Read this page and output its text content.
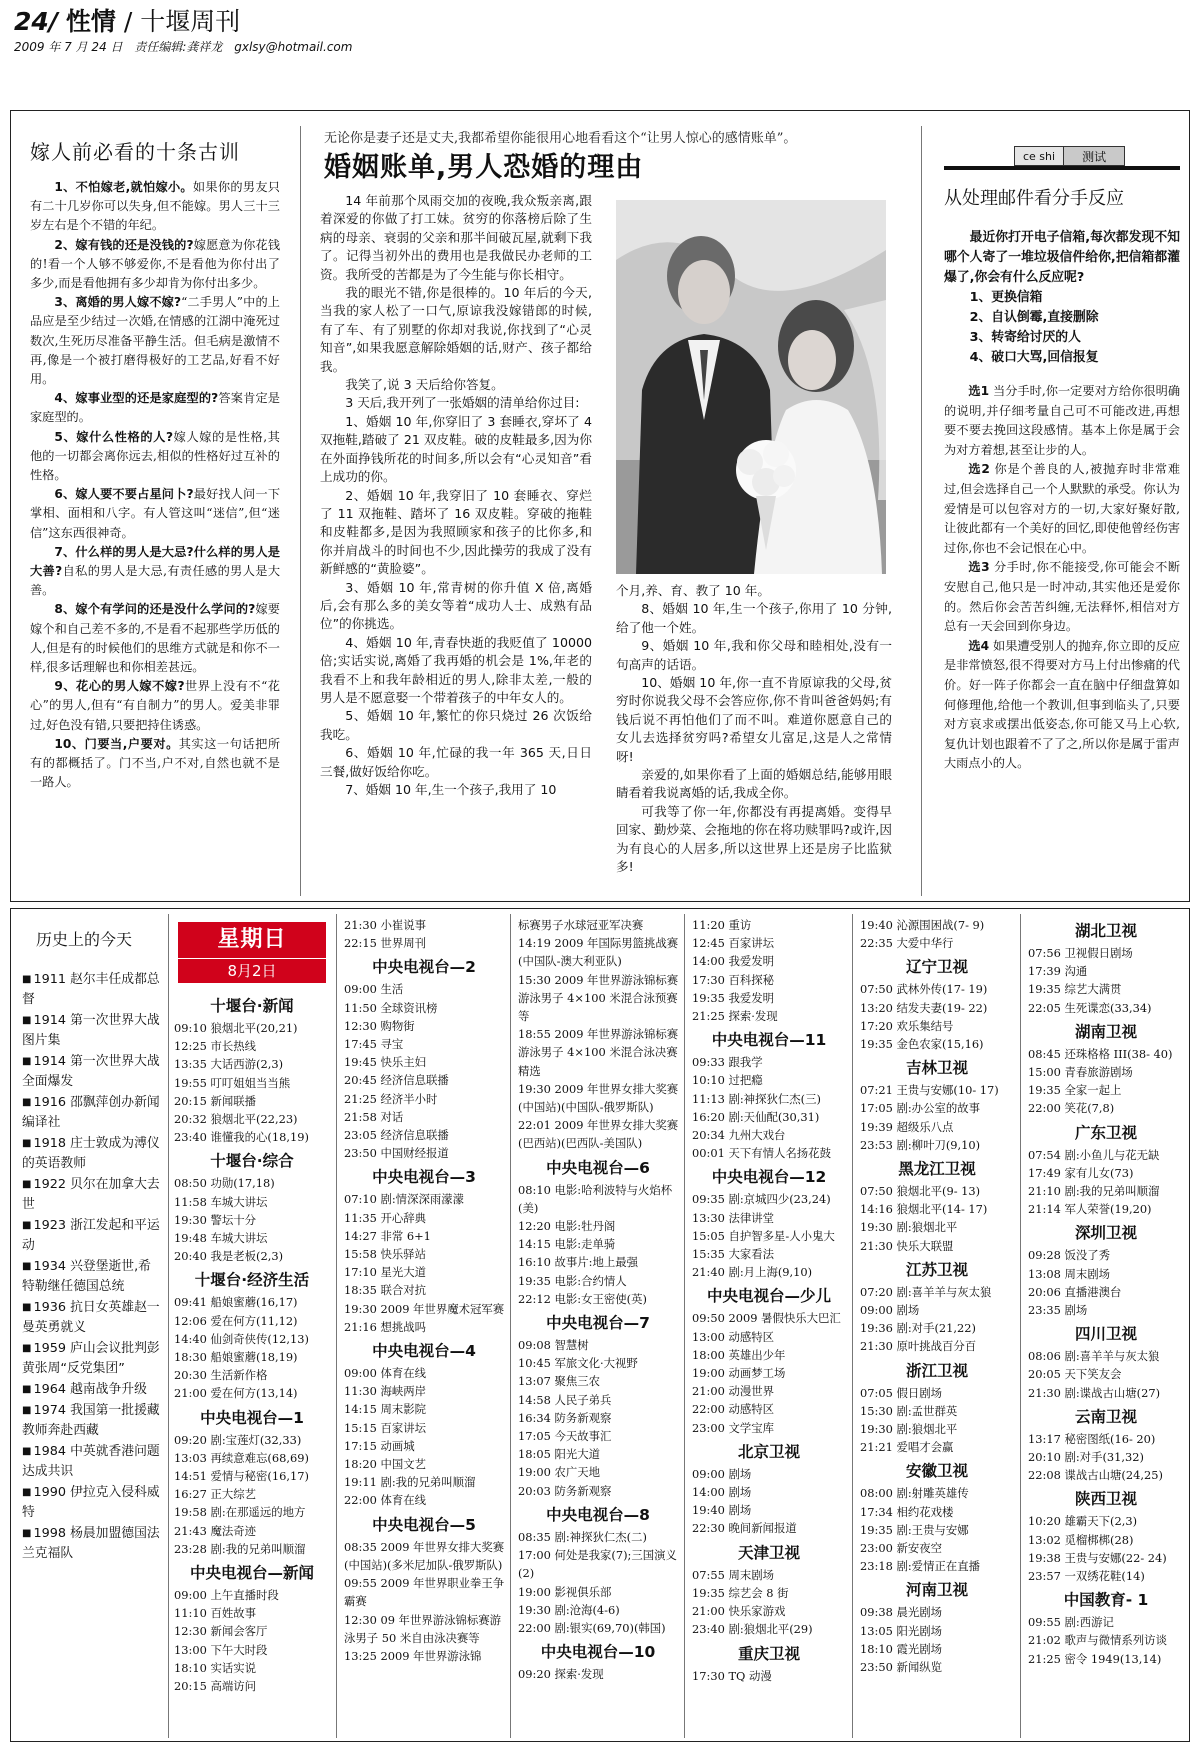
24/ 性情 / 十堰周刊
2009 年 7 月 24 日 责任编辑:龚祥龙 gxlsy@hotmail.com
嫁人前必看的十条古训
1、不怕嫁老,就怕嫁小。如果你的男友只有二十几岁你可以失身,但不能嫁。男人三十三岁左右是个不错的年纪。
2、嫁有钱的还是没钱的?嫁愿意为你花钱的!看一个人够不够爱你,不是看他为你付出了多少,而是看他拥有多少却肯为你付出多少。
3、离婚的男人嫁不嫁?“二手男人”中的上品应是至少结过一次婚,在情感的江湖中淹死过数次,生死历尽准备平静生活。但毛病是激情不再,像是一个被打磨得极好的工艺品,好看不好用。
4、嫁事业型的还是家庭型的?答案肯定是家庭型的。
5、嫁什么性格的人?嫁人嫁的是性格,其他的一切都会离你远去,相似的性格好过互补的性格。
6、嫁人要不要占星问卜?最好找人问一下掌相、面相和八字。有人管这叫“迷信”,但“迷信”这东西很神奇。
7、什么样的男人是大忌?什么样的男人是大善?自私的男人是大忌,有责任感的男人是大善。
8、嫁个有学问的还是没什么学问的?嫁要嫁个和自己差不多的,不是看不起那些学历低的人,但是有的时候他们的思维方式就是和你不一样,很多话理解也和你相差甚远。
9、花心的男人嫁不嫁?世界上没有不“花心”的男人,但有“有自制力”的男人。爱美非罪过,好色没有错,只要把持住诱惑。
10、门要当,户要对。其实这一句话把所有的都概括了。门不当,户不对,自然也就不是一路人。
无论你是妻子还是丈夫,我都希望你能很用心地看看这个“让男人惊心的感情账单”。
婚姻账单,男人恐婚的理由
14 年前那个凤雨交加的夜晚,我众叛亲离,跟着深爱的你做了打工妹。贫穷的你落榜后除了生病的母亲、衰弱的父亲和那半间破瓦屋,就剩下我了。记得当初外出的费用也是我做民办老师的工资。我所受的苦都是为了今生能与你长相守。
我的眼光不错,你是很棒的。10 年后的今天,当我的家人松了一口气,原谅我没嫁错郎的时候,有了车、有了别墅的你却对我说,你找到了“心灵知音”,如果我愿意解除婚姻的话,财产、孩子都给我。
我笑了,说 3 天后给你答复。
3 天后,我开列了一张婚姻的清单给你过目:
1、婚姻 10 年,你穿旧了 3 套睡衣,穿坏了 4 双拖鞋,踏破了 21 双皮鞋。破的皮鞋最多,因为你在外面挣钱所花的时间多,所以会有“心灵知音”看上成功的你。
2、婚姻 10 年,我穿旧了 10 套睡衣、穿烂了 11 双拖鞋、踏坏了 16 双皮鞋。穿破的拖鞋和皮鞋都多,是因为我照顾家和孩子的比你多,和你并肩战斗的时间也不少,因此操劳的我成了没有新鲜感的“黄脸婆”。
3、婚姻 10 年,常青树的你升值 X 倍,离婚后,会有那么多的美女等着“成功人士、成熟有品位”的你挑选。
4、婚姻 10 年,青春快逝的我贬值了 10000 倍;实话实说,离婚了我再婚的机会是 1%,年老的我看不上和我年龄相近的男人,除非太差,一般的男人是不愿意娶一个带着孩子的中年女人的。
5、婚姻 10 年,繁忙的你只烧过 26 次饭给我吃。
6、婚姻 10 年,忙碌的我一年 365 天,日日三餐,做好饭给你吃。
7、婚姻 10 年,生一个孩子,我用了 10
个月,养、育、教了 10 年。
8、婚姻 10 年,生一个孩子,你用了 10 分钟,给了他一个姓。
9、婚姻 10 年,我和你父母和睦相处,没有一句高声的话语。
10、婚姻 10 年,你一直不肯原谅我的父母,贫穷时你说我父母不会答应你,你不肯叫爸爸妈妈;有钱后说不再怕他们了而不叫。难道你愿意自己的女儿去选择贫穷吗?希望女儿富足,这是人之常情呀!
亲爱的,如果你看了上面的婚姻总结,能够用眼睛看着我说离婚的话,我成全你。
可我等了你一年,你都没有再提离婚。变得早回家、勤炒菜、会拖地的你在将功赎罪吗?或许,因为有良心的人居多,所以这世界上还是房子比监狱多!
ce shi	测试
从处理邮件看分手反应
最近你打开电子信箱,每次都发现不知哪个人寄了一堆垃圾信件给你,把信箱都灌爆了,你会有什么反应呢?
1、更换信箱
2、自认倒霉,直接删除
3、转寄给讨厌的人
4、破口大骂,回信报复
选1 当分手时,你一定要对方给你很明确的说明,并仔细考量自己可不可能改进,再想要不要去挽回这段感情。基本上你是属于会为对方着想,甚至让步的人。
选2 你是个善良的人,被抛弃时非常难过,但会选择自己一个人默默的承受。你认为爱情是可以包容对方的一切,大家好聚好散,让彼此都有一个美好的回忆,即使他曾经伤害过你,你也不会记恨在心中。
选3 分手时,你不能接受,你可能会不断安慰自己,他只是一时冲动,其实他还是爱你的。然后你会苦苦纠缠,无法释怀,相信对方总有一天会回到你身边。
选4 如果遭受别人的抛弃,你立即的反应是非常愤怒,很不得要对方马上付出惨痛的代价。好一阵子你都会一直在脑中仔细盘算如何修理他,给他一个教训,但事到临头了,只要对方哀求或摆出低姿态,你可能又马上心软,复仇计划也跟着不了了之,所以你是属于雷声大雨点小的人。
历史上的今天
■ 1911 赵尔丰任成都总督
■ 1914 第一次世界大战图片集
■ 1914 第一次世界大战全面爆发
■ 1916 邵飘萍创办新闻编译社
■ 1918 庄士敦成为溥仪的英语教师
■ 1922 贝尔在加拿大去世
■ 1923 浙江发起和平运动
■ 1934 兴登堡逝世,希特勒继任德国总统
■ 1936 抗日女英雄赵一曼英勇就义
■ 1959 庐山会议批判彭黄张周“反党集团”
■ 1964 越南战争升级
■ 1974 我国第一批援藏教师奔赴西藏
■ 1984 中英就香港问题达成共识
■ 1990 伊拉克入侵科威特
■ 1998 杨晨加盟德国法兰克福队
星期日
8月2日
十堰台·新闻
09:10 狼烟北平(20,21)
12:25 市长热线
13:35 大话西游(2,3)
19:55 叮叮姐姐当当熊
20:15 新闻联播
20:32 狼烟北平(22,23)
23:40 谁懂我的心(18,19)
十堰台·综合
08:50 功勋(17,18)
11:58 车城大讲坛
19:30 警坛十分
19:48 车城大讲坛
20:40 我是老板(2,3)
十堰台·经济生活
09:41 船娘蜜蘑(16,17)
12:06 爱在何方(11,12)
14:40 仙剑奇侠传(12,13)
18:30 船娘蜜蘑(18,19)
20:30 生活新作格
21:00 爱在何方(13,14)
中央电视台—1
09:20 剧:宝莲灯(32,33)
13:03 再续意难忘(68,69)
14:51 爱情与秘密(16,17)
16:27 正大综艺
19:58 剧:在那遥远的地方
21:43 魔法奇迹
23:28 剧:我的兄弟叫顺溜
中央电视台—新闻
09:00 上午直播时段
11:10 百姓故事
12:30 新闻会客厅
13:00 下午大时段
18:10 实话实说
20:15 高端访问
21:30 小崔说事
22:15 世界周刊
中央电视台—2
09:00 生活
11:50 全球资讯榜
12:30 购物街
17:45 寻宝
19:45 快乐主妇
20:45 经济信息联播
21:25 经济半小时
21:58 对话
23:05 经济信息联播
23:50 中国财经报道
中央电视台—3
07:10 剧:情深深雨濛濛
11:35 开心辞典
14:27 非常 6+1
15:58 快乐驿站
17:10 星光大道
18:35 联合对抗
19:30 2009 年世界魔术冠军赛
21:16 想挑战吗
中央电视台—4
09:00 体育在线
11:30 海峡两岸
14:15 周末影院
15:15 百家讲坛
17:15 动画城
18:20 中国文艺
19:11 剧:我的兄弟叫顺溜
22:00 体育在线
中央电视台—5
08:35 2009 年世界女排大奖赛(中国站)(多米尼加队-俄罗斯队)
09:55 2009 年世界职业拳王争霸赛
12:30 09 年世界游泳锦标赛游泳男子 50 米自由泳决赛等
13:25 2009 年世界游泳锦
标赛男子水球冠亚军决赛
14:19 2009 年国际男篮挑战赛(中国队-澳大利亚队)
15:30 2009 年世界游泳锦标赛游泳男子 4×100 米混合泳预赛等
18:55 2009 年世界游泳锦标赛游泳男子 4×100 米混合泳决赛精选
19:30 2009 年世界女排大奖赛(中国站)(中国队-俄罗斯队)
22:01 2009 年世界女排大奖赛(巴西站)(巴西队-美国队)
中央电视台—6
08:10 电影:哈利波特与火焰杯(美)
12:20 电影:牡丹阁
14:15 电影:走单骑
16:10 故事片:地上最强
19:35 电影:合约情人
22:12 电影:女王密使(英)
中央电视台—7
09:08 智慧树
10:45 军旅文化·大视野
13:07 聚焦三农
14:58 人民子弟兵
16:34 防务新观察
17:05 今天故事汇
18:05 阳光大道
19:00 农广天地
20:03 防务新观察
中央电视台—8
08:35 剧:神探狄仁杰(二)
17:00 何处是我家(7);三国演义(2)
19:00 影视俱乐部
19:30 剧:沧海(4-6)
22:00 剧:银实(69,70)(韩国)
中央电视台—10
09:20 探索·发现
11:20 重访
12:45 百家讲坛
14:00 我爱发明
17:30 百科探秘
19:35 我爱发明
21:25 探索·发现
中央电视台—11
09:33 跟我学
10:10 过把瘾
11:13 剧:神探狄仁杰(三)
16:20 剧:天仙配(30,31)
20:34 九州大戏台
00:01 天下有情人名扬花鼓
中央电视台—12
09:35 剧:京城四少(23,24)
13:30 法律讲堂
15:05 自护智多星-人小鬼大
15:35 大家看法
21:40 剧:月上海(9,10)
中央电视台—少儿
09:50 2009 暑假快乐大巴汇
13:00 动感特区
18:00 英雄出少年
19:00 动画梦工场
21:00 动漫世界
22:00 动感特区
23:00 文学宝库
北京卫视
09:00 剧场
14:00 剧场
19:40 剧场
22:30 晚间新闻报道
天津卫视
07:55 周末剧场
19:35 综艺会 8 街
21:00 快乐家游戏
23:40 剧:狼烟北平(29)
重庆卫视
17:30 TQ 动漫
19:40 沁源围困战(7- 9)
22:35 大爱中华行
辽宁卫视
07:50 武林外传(17- 19)
13:20 结发夫妻(19- 22)
17:20 欢乐集结号
19:35 金色农家(15,16)
吉林卫视
07:21 王贵与安娜(10- 17)
17:05 剧:办公室的故事
19:39 超级乐八点
23:53 剧:柳叶刀(9,10)
黑龙江卫视
07:50 狼烟北平(9- 13)
14:16 狼烟北平(14- 17)
19:30 剧:狼烟北平
21:30 快乐大联盟
江苏卫视
07:20 剧:喜羊羊与灰太狼
09:00 剧场
19:36 剧:对手(21,22)
21:30 原叶挑战百分百
浙江卫视
07:05 假日剧场
15:30 剧:孟世群英
19:30 剧:狼烟北平
21:21 爱唱才会赢
安徽卫视
08:00 剧:射雕英雄传
17:34 相约花戏楼
19:35 剧:王贵与安娜
23:00 新安夜空
23:18 剧:爱情正在直播
河南卫视
09:38 晨光剧场
13:05 阳光剧场
18:10 霞光剧场
23:50 新闻纵览
湖北卫视
07:56 卫视假日剧场
17:39 沟通
19:35 综艺大满贯
22:05 生死谍恋(33,34)
湖南卫视
08:45 还珠格格 III(38- 40)
15:00 青春旅游剧场
19:35 全家一起上
22:00 笑花(7,8)
广东卫视
07:54 剧:小鱼儿与花无缺
17:49 家有儿女(73)
21:10 剧:我的兄弟叫顺溜
21:14 军人荣誉(19,20)
深圳卫视
09:28 饭没了秀
13:08 周末剧场
20:06 直播港澳台
23:35 剧场
四川卫视
08:06 剧:喜羊羊与灰太狼
20:05 天下笑友会
21:30 剧:谍战古山塘(27)
云南卫视
13:17 秘密图纸(16- 20)
20:10 剧:对手(31,32)
22:08 谍战古山塘(24,25)
陕西卫视
10:20 雄霸天下(2,3)
13:02 觅榴梆梆(28)
19:38 王贵与安娜(22- 24)
23:57 一双绣花鞋(14)
中国教育- 1
09:55 剧:西游记
21:02 歌声与微情系列访谈
21:25 密令 1949(13,14)
